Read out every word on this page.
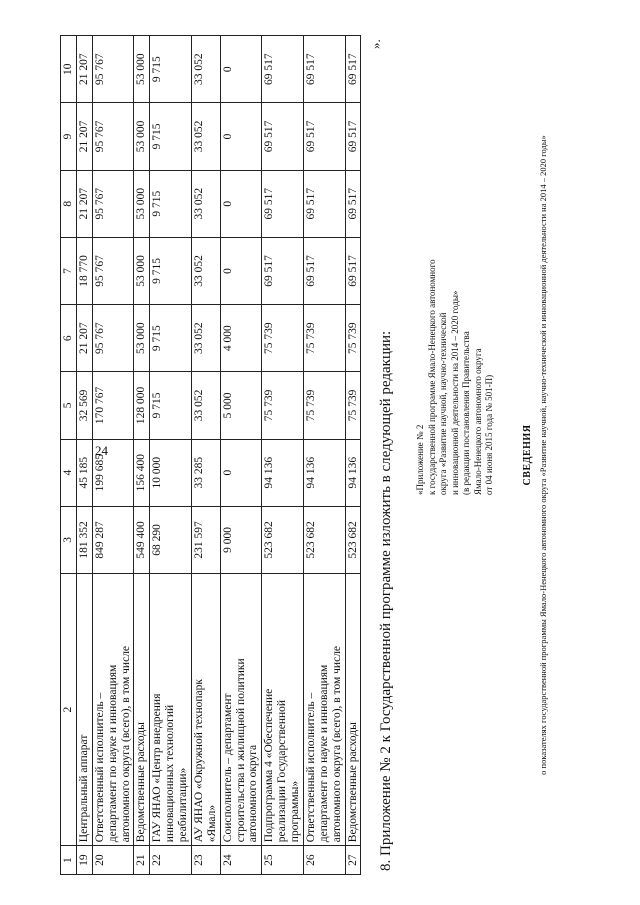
24
1	2	3	4	5	6	7	8	9	10
19	Центральный аппарат	181 352	45 185	32 569	21 207	18 770	21 207	21 207	21 207
20	Ответственный исполнитель – департамент по науке и инновациям автономного округа (всего), в том числе	849 287	199 685	170 767	95 767	95 767	95 767	95 767	95 767
21	Ведомственные расходы	549 400	156 400	128 000	53 000	53 000	53 000	53 000	53 000
22	ГАУ ЯНАО «Центр внедрения инновационных технологий реабилитации»	68 290	10 000	9 715	9 715	9 715	9 715	9 715	9 715
23	АУ ЯНАО «Окружной технопарк «Ямал»	231 597	33 285	33 052	33 052	33 052	33 052	33 052	33 052
24	Соисполнитель – департамент строительства и жилищной политики автономного округа	9 000	0	5 000	4 000	0	0	0	0
25	Подпрограмма 4 «Обеспечение реализации Государственной программы»	523 682	94 136	75 739	75 739	69 517	69 517	69 517	69 517
26	Ответственный исполнитель – департамент по науке и инновациям автономного округа (всего), в том числе	523 682	94 136	75 739	75 739	69 517	69 517	69 517	69 517
27	Ведомственные расходы	523 682	94 136	75 739	75 739	69 517	69 517	69 517	69 517
».
8. Приложение № 2 к Государственной программе изложить в следующей редакции: «Приложение № 2 к государственной программе Ямало-Ненецкого автономного округа «Развитие научной, научно-технической и инновационной деятельности на 2014 – 2020 годы» (в редакции постановления Правительства Ямало-Ненецкого автономного округа от 04 июня 2015 года № 501-П)	СВЕДЕНИЯ о показателях государственной программы Ямало-Ненецкого автономного округа «Развитие научной, научно-технической и инновационной деятельности на 2014 – 2020 годы»
